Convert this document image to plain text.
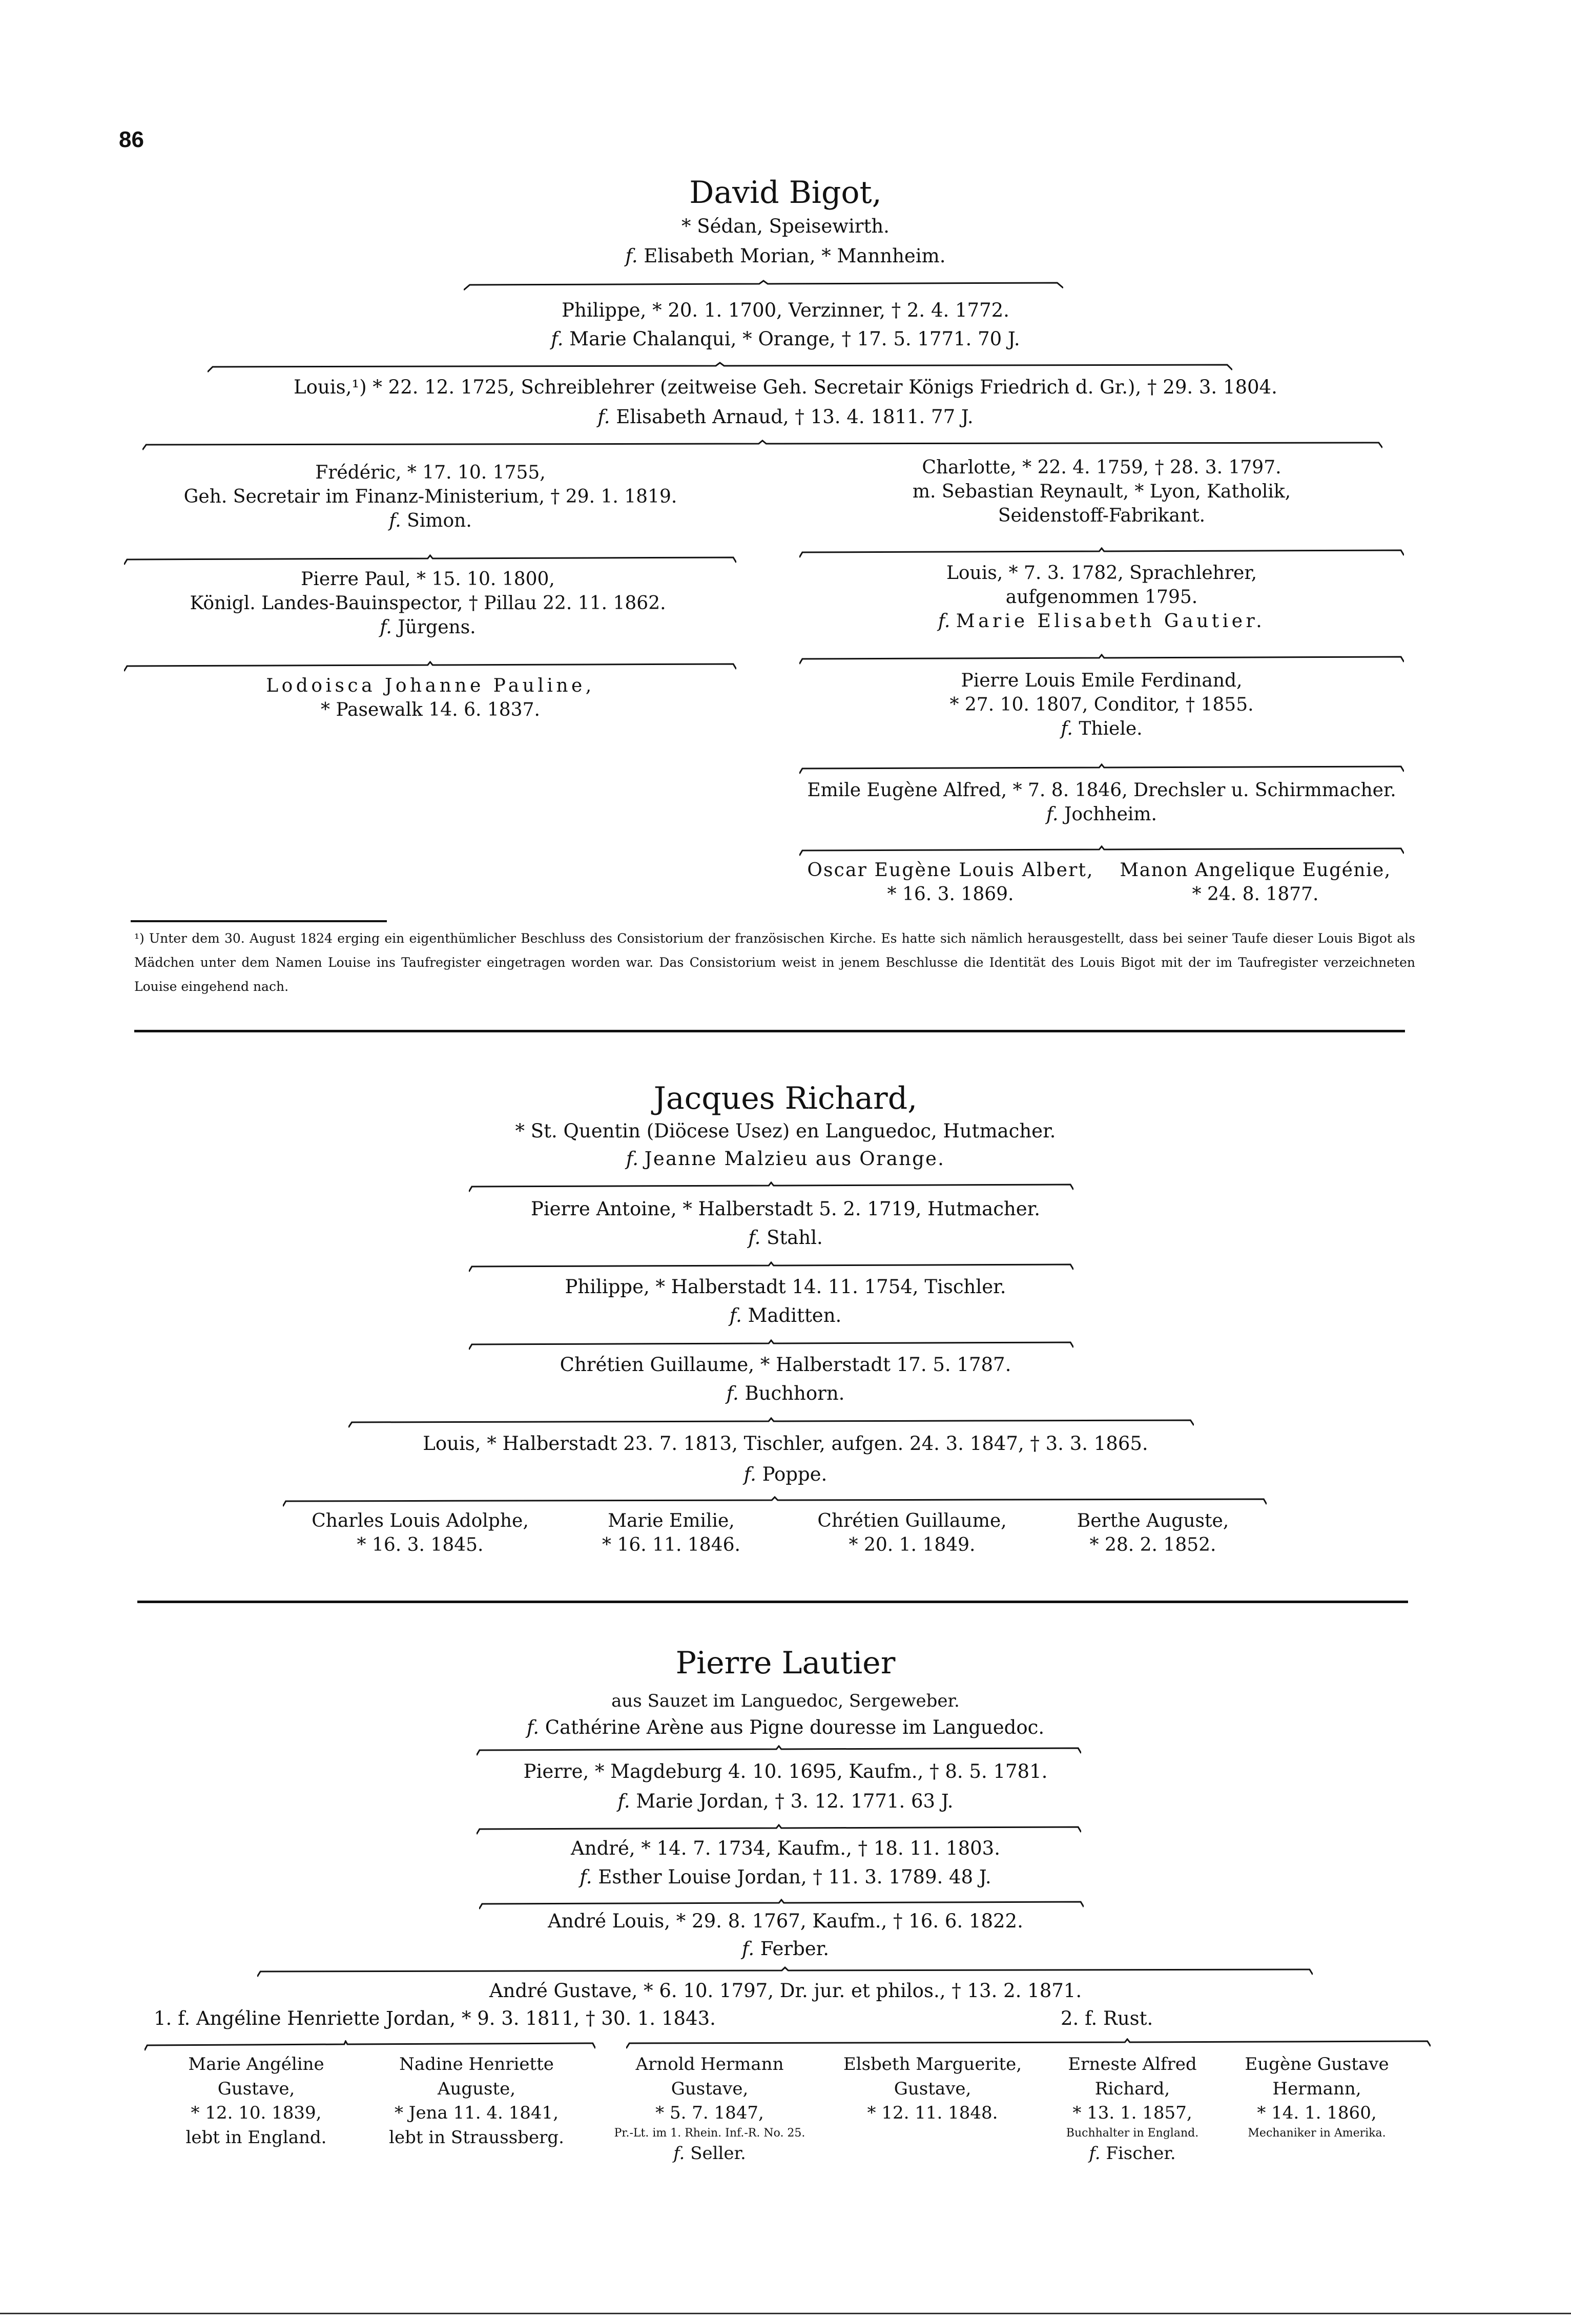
86
David Bigot,
* Sédan, Speisewirth.
f. Elisabeth Morian, * Mannheim.
Philippe, * 20. 1. 1700, Verzinner, † 2. 4. 1772.
f. Marie Chalanqui, * Orange, † 17. 5. 1771. 70 J.
Louis,¹) * 22. 12. 1725, Schreiblehrer (zeitweise Geh. Secretair Königs Friedrich d. Gr.), † 29. 3. 1804.
f. Elisabeth Arnaud, † 13. 4. 1811. 77 J.
Frédéric, * 17. 10. 1755,
Geh. Secretair im Finanz-Ministerium, † 29. 1. 1819.
f. Simon.
Pierre Paul, * 15. 10. 1800,
Königl. Landes-Bauinspector, † Pillau 22. 11. 1862.
f. Jürgens.
Lodoisca Johanne Pauline,
* Pasewalk 14. 6. 1837.
Charlotte, * 22. 4. 1759, † 28. 3. 1797.
m. Sebastian Reynault, * Lyon, Katholik,
Seidenstoff-Fabrikant.
Louis, * 7. 3. 1782, Sprachlehrer,
aufgenommen 1795.
f. Marie Elisabeth Gautier.
Pierre Louis Emile Ferdinand,
* 27. 10. 1807, Conditor, † 1855.
f. Thiele.
Emile Eugène Alfred, * 7. 8. 1846, Drechsler u. Schirmmacher.
f. Jochheim.
Oscar Eugène Louis Albert,
* 16. 3. 1869.
Manon Angelique Eugénie,
* 24. 8. 1877.
¹) Unter dem 30. August 1824 erging ein eigenthümlicher Beschluss des Consistorium der französischen Kirche. Es hatte sich nämlich herausgestellt, dass bei seiner Taufe dieser Louis Bigot als Mädchen unter dem Namen Louise ins Taufregister eingetragen worden war. Das Consistorium weist in jenem Beschlusse die Identität des Louis Bigot mit der im Taufregister verzeichneten Louise eingehend nach.
Jacques Richard,
* St. Quentin (Diöcese Usez) en Languedoc, Hutmacher.
f. Jeanne Malzieu aus Orange.
Pierre Antoine, * Halberstadt 5. 2. 1719, Hutmacher.
f. Stahl.
Philippe, * Halberstadt 14. 11. 1754, Tischler.
f. Maditten.
Chrétien Guillaume, * Halberstadt 17. 5. 1787.
f. Buchhorn.
Louis, * Halberstadt 23. 7. 1813, Tischler, aufgen. 24. 3. 1847, † 3. 3. 1865.
f. Poppe.
Charles Louis Adolphe,
* 16. 3. 1845.
Marie Emilie,
* 16. 11. 1846.
Chrétien Guillaume,
* 20. 1. 1849.
Berthe Auguste,
* 28. 2. 1852.
Pierre Lautier
aus Sauzet im Languedoc, Sergeweber.
f. Cathérine Arène aus Pigne douresse im Languedoc.
Pierre, * Magdeburg 4. 10. 1695, Kaufm., † 8. 5. 1781.
f. Marie Jordan, † 3. 12. 1771. 63 J.
André, * 14. 7. 1734, Kaufm., † 18. 11. 1803.
f. Esther Louise Jordan, † 11. 3. 1789. 48 J.
André Louis, * 29. 8. 1767, Kaufm., † 16. 6. 1822.
f. Ferber.
André Gustave, * 6. 10. 1797, Dr. jur. et philos., † 13. 2. 1871.
1. f. Angéline Henriette Jordan, * 9. 3. 1811, † 30. 1. 1843.	2. f. Rust.
Marie Angéline
Gustave,
* 12. 10. 1839,
lebt in England.
Nadine Henriette
Auguste,
* Jena 11. 4. 1841,
lebt in Straussberg.
Arnold Hermann
Gustave,
* 5. 7. 1847,
Pr.-Lt. im 1. Rhein. Inf.-R. No. 25.
f. Seller.
Elsbeth Marguerite,
Gustave,
* 12. 11. 1848.
Erneste Alfred
Richard,
* 13. 1. 1857,
Buchhalter in England.
f. Fischer.
Eugène Gustave
Hermann,
* 14. 1. 1860,
Mechaniker in Amerika.
